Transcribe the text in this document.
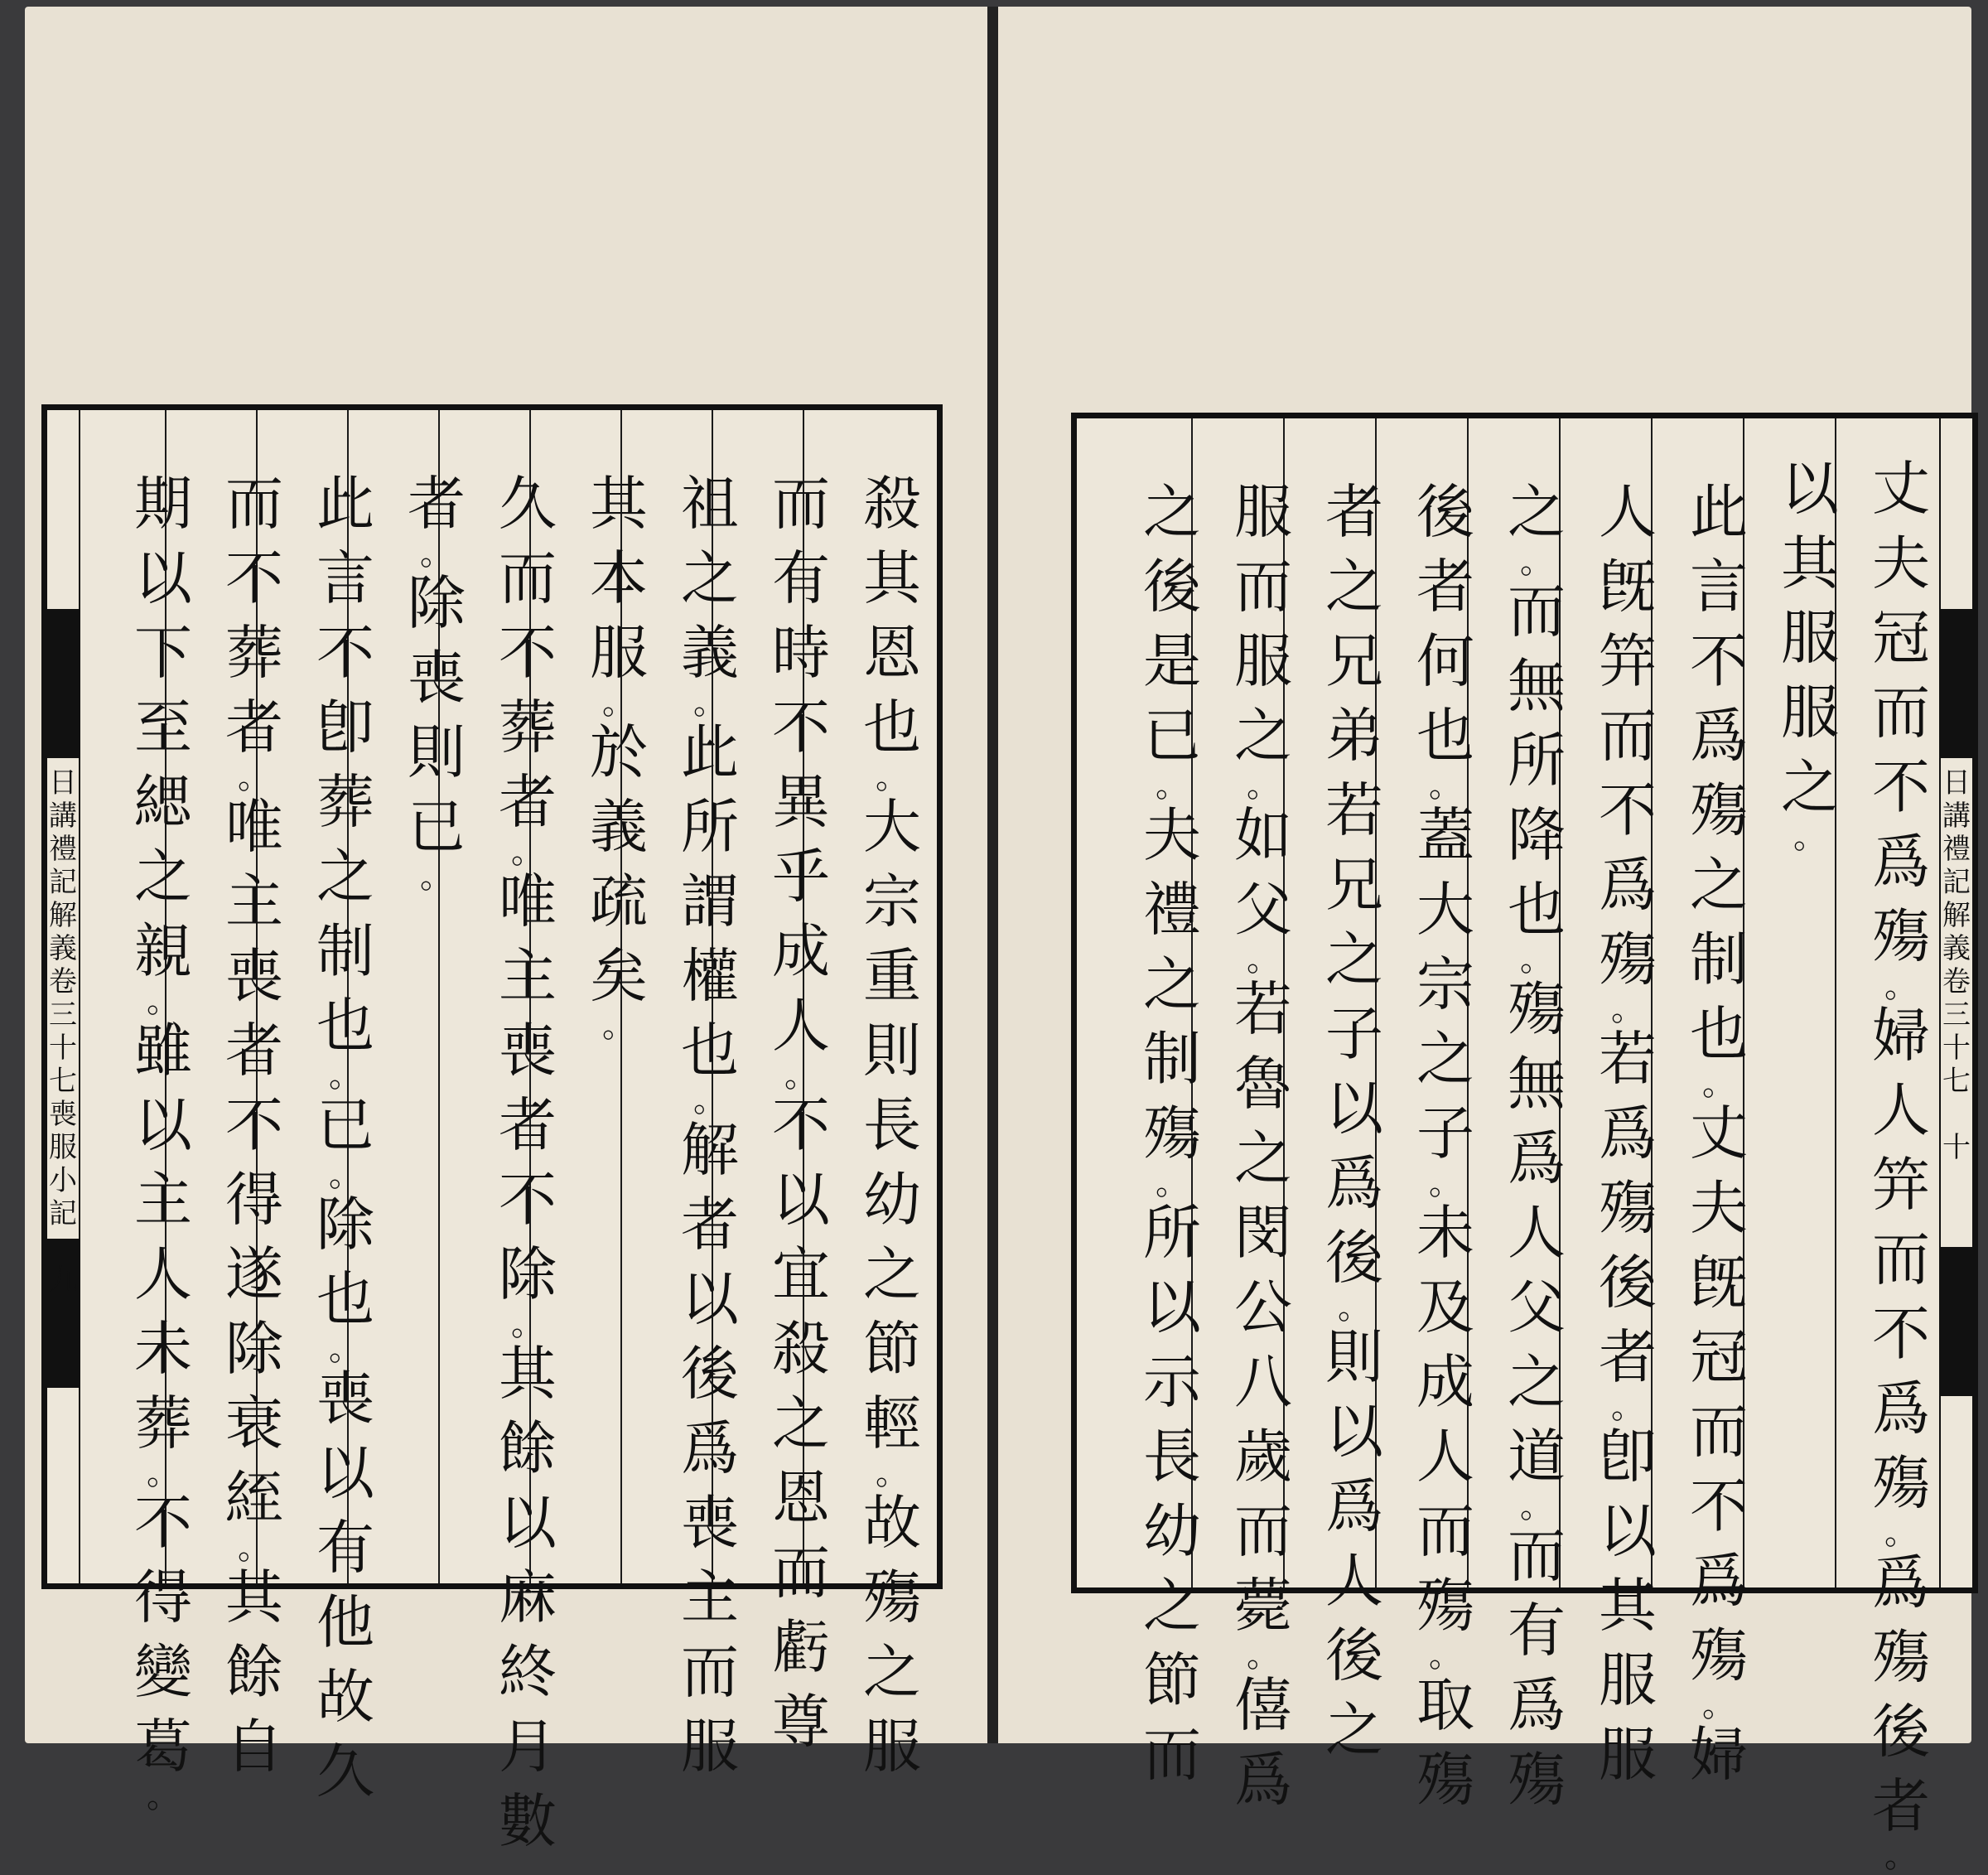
日
講
禮
記
解
義
卷
三
十
七
喪
服
小
記
九
殺
其
恩
也
。
大
宗
重
則
長
幼
之
節
輕
。
故
殤
之
服
而
有
時
不
異
乎
成
人
。
不
以
宜
殺
之
恩
而
虧
尊
祖
之
義
。
此
所
謂
權
也
。
解
者
以
後
爲
喪
主
而
服
其
本
服
。
於
義
疏
矣
。
久
而
不
葬
者
。
唯
主
喪
者
不
除
。
其
餘
以
麻
終
月
數
者
。
除
喪
則
已
。
此
言
不
卽
葬
之
制
也
。
已
。
除
也
。
喪
以
有
他
故
久
而
不
葬
者
。
唯
主
喪
者
不
得
遂
除
衰
絰
。
其
餘
自
期
以
下
至
緦
之
親
。
雖
以
主
人
未
葬
。
不
得
變
葛
。
日
講
禮
記
解
義
卷
三
十
七
十
丈
夫
冠
而
不
爲
殤
。
婦
人
笄
而
不
爲
殤
。
爲
殤
後
者
。
以
其
服
服
之
。
此
言
不
爲
殤
之
制
也
。
丈
夫
旣
冠
而
不
爲
殤
。
婦
人
旣
笄
而
不
爲
殤
。
若
爲
殤
後
者
。
卽
以
其
服
服
之
。
而
無
所
降
也
。
殤
無
爲
人
父
之
道
。
而
有
爲
殤
後
者
何
也
。
蓋
大
宗
之
子
。
未
及
成
人
而
殤
。
取
殤
者
之
兄
弟
若
兄
之
子
以
爲
後
。
則
以
爲
人
後
之
服
而
服
之
。
如
父
。
若
魯
之
閔
公
八
歲
而
薨
。
僖
爲
之
後
是
已
。
夫
禮
之
制
殤
。
所
以
示
長
幼
之
節
而
